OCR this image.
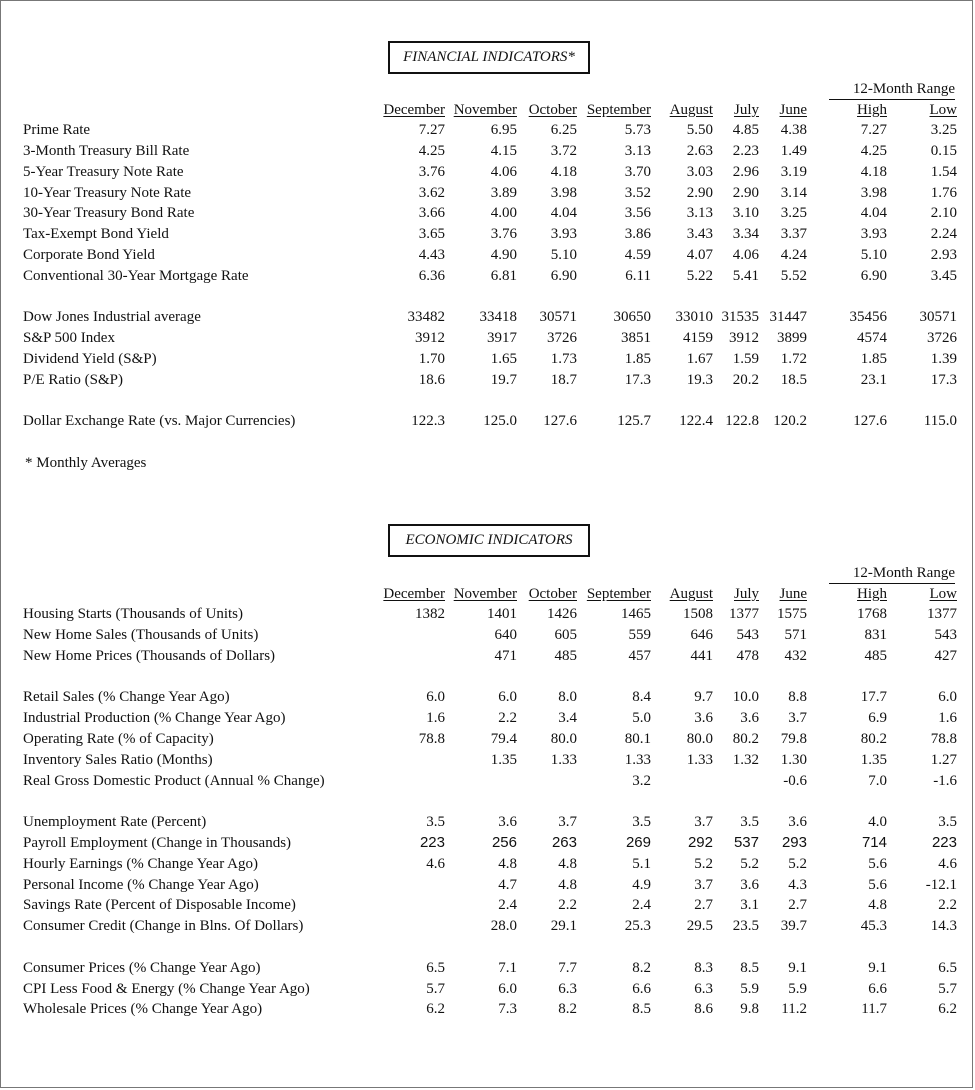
FINANCIAL INDICATORS*
12-Month Range
	December	November	October	September	August	July	June	High	Low
Prime Rate	7.27	6.95	6.25	5.73	5.50	4.85	4.38	7.27	3.25
3-Month Treasury Bill Rate	4.25	4.15	3.72	3.13	2.63	2.23	1.49	4.25	0.15
5-Year Treasury Note Rate	3.76	4.06	4.18	3.70	3.03	2.96	3.19	4.18	1.54
10-Year Treasury Note Rate	3.62	3.89	3.98	3.52	2.90	2.90	3.14	3.98	1.76
30-Year Treasury Bond Rate	3.66	4.00	4.04	3.56	3.13	3.10	3.25	4.04	2.10
Tax-Exempt Bond Yield	3.65	3.76	3.93	3.86	3.43	3.34	3.37	3.93	2.24
Corporate Bond Yield	4.43	4.90	5.10	4.59	4.07	4.06	4.24	5.10	2.93
Conventional 30-Year Mortgage Rate	6.36	6.81	6.90	6.11	5.22	5.41	5.52	6.90	3.45

Dow Jones Industrial average	33482	33418	30571	30650	33010	31535	31447	35456	30571
S&P 500 Index	3912	3917	3726	3851	4159	3912	3899	4574	3726
Dividend Yield (S&P)	1.70	1.65	1.73	1.85	1.67	1.59	1.72	1.85	1.39
P/E Ratio (S&P)	18.6	19.7	18.7	17.3	19.3	20.2	18.5	23.1	17.3

Dollar Exchange Rate (vs. Major Currencies)	122.3	125.0	127.6	125.7	122.4	122.8	120.2	127.6	115.0
* Monthly Averages
ECONOMIC INDICATORS
12-Month Range
	December	November	October	September	August	July	June	High	Low
Housing Starts (Thousands of Units)	1382	1401	1426	1465	1508	1377	1575	1768	1377
New Home Sales (Thousands of Units)		640	605	559	646	543	571	831	543
New Home Prices (Thousands of Dollars)		471	485	457	441	478	432	485	427

Retail Sales (% Change Year Ago)	6.0	6.0	8.0	8.4	9.7	10.0	8.8	17.7	6.0
Industrial Production (% Change Year Ago)	1.6	2.2	3.4	5.0	3.6	3.6	3.7	6.9	1.6
Operating Rate (% of Capacity)	78.8	79.4	80.0	80.1	80.0	80.2	79.8	80.2	78.8
Inventory Sales Ratio (Months)		1.35	1.33	1.33	1.33	1.32	1.30	1.35	1.27
Real Gross Domestic Product (Annual % Change)				3.2			-0.6	7.0	-1.6

Unemployment Rate (Percent)	3.5	3.6	3.7	3.5	3.7	3.5	3.6	4.0	3.5
Payroll Employment (Change in Thousands)	223	256	263	269	292	537	293	714	223
Hourly Earnings (% Change Year Ago)	4.6	4.8	4.8	5.1	5.2	5.2	5.2	5.6	4.6
Personal Income (% Change Year Ago)		4.7	4.8	4.9	3.7	3.6	4.3	5.6	-12.1
Savings Rate (Percent of Disposable Income)		2.4	2.2	2.4	2.7	3.1	2.7	4.8	2.2
Consumer Credit (Change in Blns. Of Dollars)		28.0	29.1	25.3	29.5	23.5	39.7	45.3	14.3

Consumer Prices (% Change Year Ago)	6.5	7.1	7.7	8.2	8.3	8.5	9.1	9.1	6.5
CPI Less Food & Energy (% Change Year Ago)	5.7	6.0	6.3	6.6	6.3	5.9	5.9	6.6	5.7
Wholesale Prices (% Change Year Ago)	6.2	7.3	8.2	8.5	8.6	9.8	11.2	11.7	6.2
